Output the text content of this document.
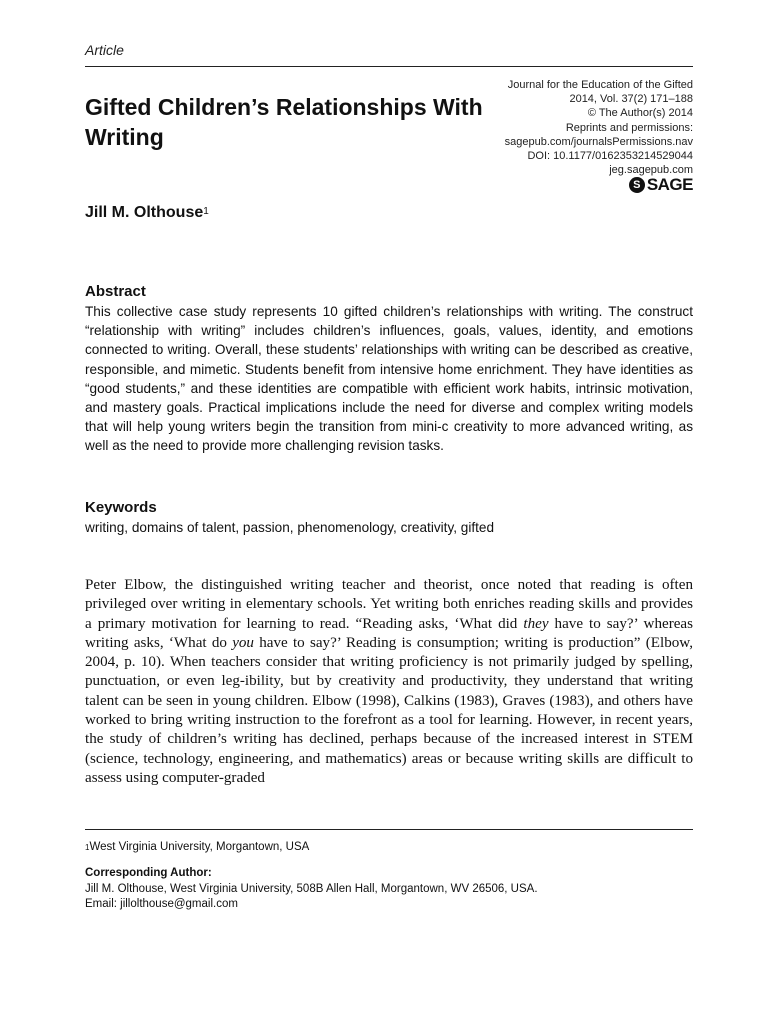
Article
Gifted Children’s Relationships With Writing
Journal for the Education of the Gifted
2014, Vol. 37(2) 171–188
© The Author(s) 2014
Reprints and permissions:
sagepub.com/journalsPermissions.nav
DOI: 10.1177/0162353214529044
jeg.sagepub.com
S SAGE
Jill M. Olthouse$^1$
Abstract
This collective case study represents 10 gifted children’s relationships with writing. The construct “relationship with writing” includes children’s influences, goals, values, identity, and emotions connected to writing. Overall, these students’ relationships with writing can be described as creative, responsible, and mimetic. Students benefit from intensive home enrichment. They have identities as “good students,” and these identities are compatible with efficient work habits, intrinsic motivation, and mastery goals. Practical implications include the need for diverse and complex writing models that will help young writers begin the transition from mini-c creativity to more advanced writing, as well as the need to provide more challenging revision tasks.
Keywords
writing, domains of talent, passion, phenomenology, creativity, gifted

Peter Elbow, the distinguished writing teacher and theorist, once noted that reading is often privileged over writing in elementary schools. Yet writing both enriches reading skills and provides a primary motivation for learning to read. “Reading asks, ‘What did they have to say?’ whereas writing asks, ‘What do you have to say?’ Reading is consumption; writing is production” (Elbow, 2004, p. 10). When teachers consider that writing proficiency is not primarily judged by spelling, punctuation, or even leg-ibility, but by creativity and productivity, they understand that writing talent can be seen in young children. Elbow (1998), Calkins (1983), Graves (1983), and others have worked to bring writing instruction to the forefront as a tool for learning. However, in recent years, the study of children’s writing has declined, perhaps because of the increased interest in STEM (science, technology, engineering, and mathematics) areas or because writing skills are difficult to assess using computer-graded

$^1$West Virginia University, Morgantown, USA
Corresponding Author:
Jill M. Olthouse, West Virginia University, 508B Allen Hall, Morgantown, WV 26506, USA.
Email: jillolthouse@gmail.com
